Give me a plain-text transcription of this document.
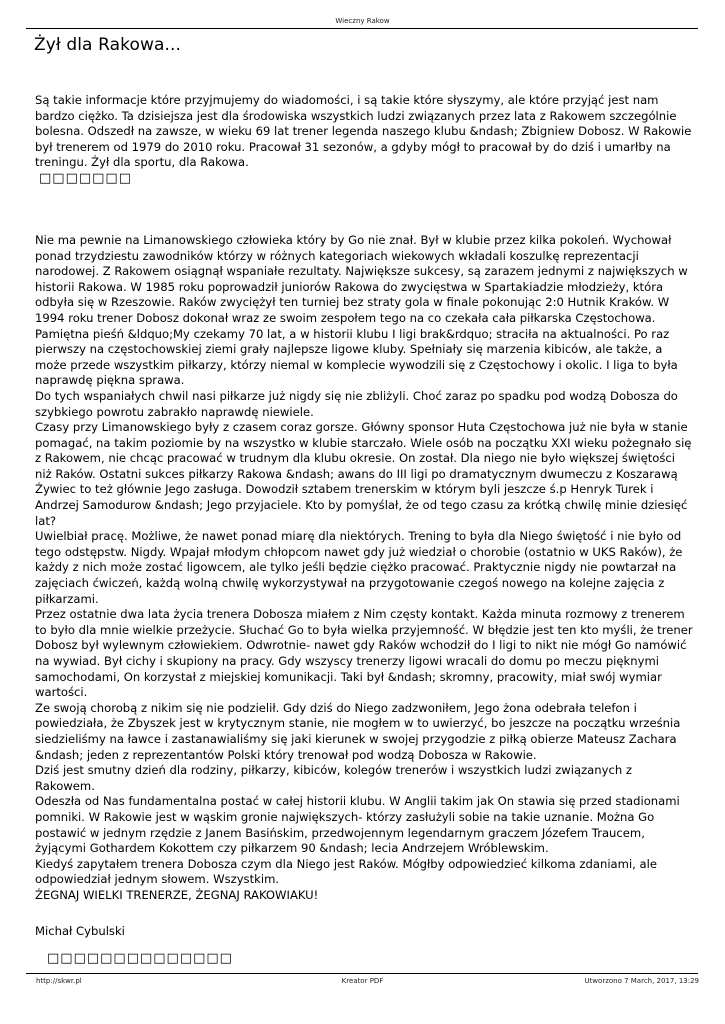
Wieczny Rakow
Żył dla Rakowa...

Są takie informacje które przyjmujemy do wiadomości, i są takie które słyszymy, ale które przyjąć jest nam bardzo ciężko. Ta dzisiejsza jest dla środowiska wszystkich ludzi związanych przez lata z Rakowem szczególnie bolesna. Odszedł na zawsze, w wieku 69 lat trener legenda naszego klubu &ndash; Zbigniew Dobosz. W Rakowie był trenerem od 1979 do 2010 roku. Pracował 31 sezonów, a gdyby mógł to pracował by do dziś i umarłby na treningu. Żył dla sportu, dla Rakowa.

□□□□□□□

Nie ma pewnie na Limanowskiego człowieka który by Go nie znał. Był w klubie przez kilka pokoleń. Wychował ponad trzydziestu zawodników którzy w różnych kategoriach wiekowych wkładali koszulkę reprezentacji narodowej. Z Rakowem osiągnął wspaniałe rezultaty. Największe sukcesy, są zarazem jednymi z największych w historii Rakowa. W 1985 roku poprowadził juniorów Rakowa do zwycięstwa w Spartakiadzie młodzieży, która odbyła się w Rzeszowie. Raków zwyciężył ten turniej bez straty gola w finale pokonując 2:0 Hutnik Kraków. W 1994 roku trener Dobosz dokonał wraz ze swoim zespołem tego na co czekała cała piłkarska Częstochowa. Pamiętna pieśń &ldquo;My czekamy 70 lat, a w historii klubu I ligi brak&rdquo; straciła na aktualności. Po raz pierwszy na częstochowskiej ziemi grały najlepsze ligowe kluby. Spełniały się marzenia kibiców, ale także, a może przede wszystkim piłkarzy, którzy niemal w komplecie wywodzili się z Częstochowy i okolic. I liga to była naprawdę piękna sprawa.

Do tych wspaniałych chwil nasi piłkarze już nigdy się nie zbliżyli. Choć zaraz po spadku pod wodzą Dobosza do szybkiego powrotu zabrakło naprawdę niewiele.

Czasy przy Limanowskiego były z czasem coraz gorsze. Główny sponsor Huta Częstochowa już nie była w stanie pomagać, na takim poziomie by na wszystko w klubie starczało. Wiele osób na początku XXI wieku pożegnało się z Rakowem, nie chcąc pracować w trudnym dla klubu okresie. On został. Dla niego nie było większej świętości niż Raków. Ostatni sukces piłkarzy Rakowa &ndash; awans do III ligi po dramatycznym dwumeczu z Koszarawą Żywiec to też głównie Jego zasługa. Dowodził sztabem trenerskim w którym byli jeszcze ś.p Henryk Turek i Andrzej Samodurow &ndash; Jego przyjaciele. Kto by pomyślał, że od tego czasu za krótką chwilę minie dziesięć lat?

Uwielbiał pracę. Możliwe, że nawet ponad miarę dla niektórych. Trening to była dla Niego świętość i nie było od tego odstępstw. Nigdy. Wpajał młodym chłopcom nawet gdy już wiedział o chorobie (ostatnio w UKS Raków), że każdy z nich może zostać ligowcem, ale tylko jeśli będzie ciężko pracować. Praktycznie nigdy nie powtarzał na zajęciach ćwiczeń, każdą wolną chwilę wykorzystywał na przygotowanie czegoś nowego na kolejne zajęcia z piłkarzami.

Przez ostatnie dwa lata życia trenera Dobosza miałem z Nim częsty kontakt. Każda minuta rozmowy z trenerem to było dla mnie wielkie przeżycie. Słuchać Go to była wielka przyjemność. W błędzie jest ten kto myśli, że trener Dobosz był wylewnym człowiekiem. Odwrotnie- nawet gdy Raków wchodził do I ligi to nikt nie mógł Go namówić na wywiad. Był cichy i skupiony na pracy. Gdy wszyscy trenerzy ligowi wracali do domu po meczu pięknymi samochodami, On korzystał z miejskiej komunikacji. Taki był &ndash; skromny, pracowity, miał swój wymiar wartości.

Ze swoją chorobą z nikim się nie podzielił. Gdy dziś do Niego zadzwoniłem, Jego żona odebrała telefon i powiedziała, że Zbyszek jest w krytycznym stanie, nie mogłem w to uwierzyć, bo jeszcze na początku września siedzieliśmy na ławce i zastanawialiśmy się jaki kierunek w swojej przygodzie z piłką obierze Mateusz Zachara &ndash; jeden z reprezentantów Polski który trenował pod wodzą Dobosza w Rakowie.

Dziś jest smutny dzień dla rodziny, piłkarzy, kibiców, kolegów trenerów i wszystkich ludzi związanych z Rakowem.

Odeszła od Nas fundamentalna postać w całej historii klubu. W Anglii takim jak On stawia się przed stadionami pomniki. W Rakowie jest w wąskim gronie największych- którzy zasłużyli sobie na takie uznanie. Można Go postawić w jednym rzędzie z Janem Basińskim, przedwojennym legendarnym graczem Józefem Traucem, żyjącymi Gothardem Kokottem czy piłkarzem 90 &ndash; lecia Andrzejem Wróblewskim.

Kiedyś zapytałem trenera Dobosza czym dla Niego jest Raków. Mógłby odpowiedzieć kilkoma zdaniami, ale odpowiedział jednym słowem. Wszystkim.

ŻEGNAJ WIELKI TRENERZE, ŻEGNAJ RAKOWIAKU!

Michał Cybulski

□□□□□□□□□□□□□□

http://skwr.pl	Kreator PDF	Utworzono 7 March, 2017, 13:29
